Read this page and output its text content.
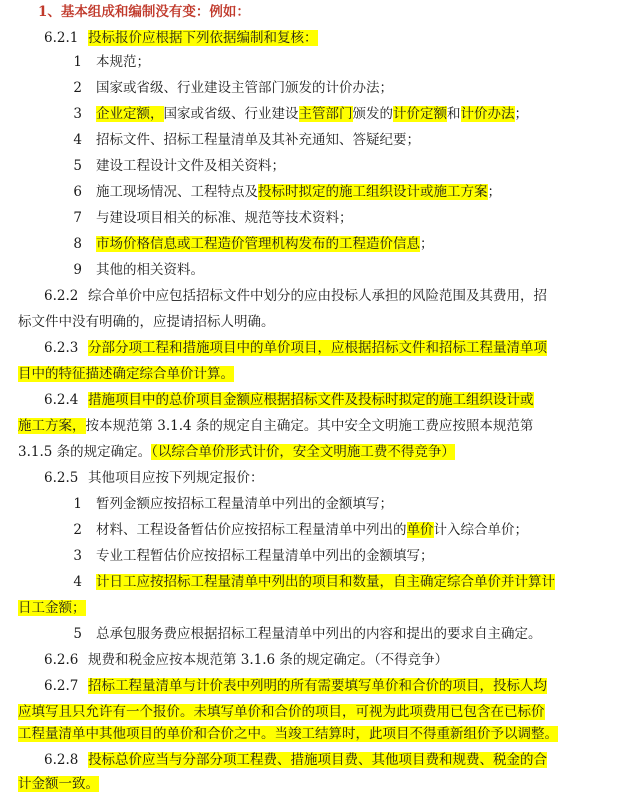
1、基本组成和编制没有变：例如：
6.2.1 投标报价应根据下列依据编制和复核：
1 本规范；
2 国家或省级、行业建设主管部门颁发的计价办法；
3 企业定额，国家或省级、行业建设主管部门颁发的计价定额和计价办法；
4 招标文件、招标工程量清单及其补充通知、答疑纪要；
5 建设工程设计文件及相关资料；
6 施工现场情况、工程特点及投标时拟定的施工组织设计或施工方案；
7 与建设项目相关的标准、规范等技术资料；
8 市场价格信息或工程造价管理机构发布的工程造价信息；
9 其他的相关资料。
6.2.2 综合单价中应包括招标文件中划分的应由投标人承担的风险范围及其费用，招
标文件中没有明确的，应提请招标人明确。
6.2.3 分部分项工程和措施项目中的单价项目，应根据招标文件和招标工程量清单项
目中的特征描述确定综合单价计算。
6.2.4 措施项目中的总价项目金额应根据招标文件及投标时拟定的施工组织设计或
施工方案，按本规范第 3.1.4 条的规定自主确定。其中安全文明施工费应按照本规范第
3.1.5 条的规定确定。（以综合单价形式计价，安全文明施工费不得竞争）
6.2.5 其他项目应按下列规定报价：
1 暂列金额应按招标工程量清单中列出的金额填写；
2 材料、工程设备暂估价应按招标工程量清单中列出的单价计入综合单价；
3 专业工程暂估价应按招标工程量清单中列出的金额填写；
4 计日工应按招标工程量清单中列出的项目和数量，自主确定综合单价并计算计
日工金额；
5 总承包服务费应根据招标工程量清单中列出的内容和提出的要求自主确定。
6.2.6 规费和税金应按本规范第 3.1.6 条的规定确定。（不得竞争）
6.2.7 招标工程量清单与计价表中列明的所有需要填写单价和合价的项目，投标人均
应填写且只允许有一个报价。未填写单价和合价的项目，可视为此项费用已包含在已标价
工程量清单中其他项目的单价和合价之中。当竣工结算时，此项目不得重新组价予以调整。
6.2.8 投标总价应当与分部分项工程费、措施项目费、其他项目费和规费、税金的合
计金额一致。
